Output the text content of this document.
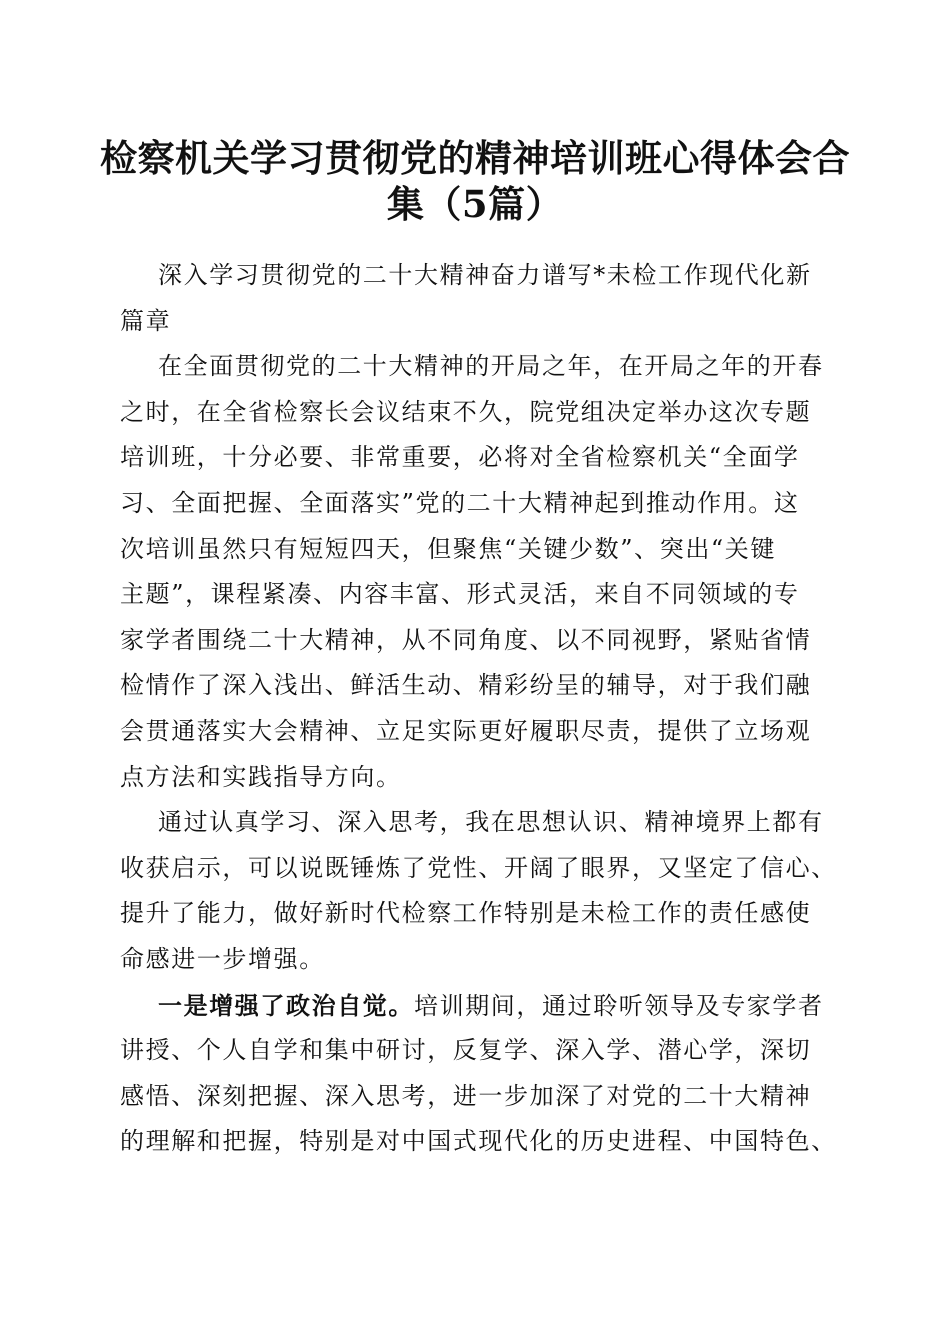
检察机关学习贯彻党的精神培训班心得体会合
集（5篇）
深入学习贯彻党的二十大精神奋力谱写*未检工作现代化新
篇章
在全面贯彻党的二十大精神的开局之年，在开局之年的开春
之时，在全省检察长会议结束不久，院党组决定举办这次专题
培训班，十分必要、非常重要，必将对全省检察机关“全面学
习、全面把握、全面落实”党的二十大精神起到推动作用。这
次培训虽然只有短短四天，但聚焦“关键少数”、突出“关键
主题”，课程紧凑、内容丰富、形式灵活，来自不同领域的专
家学者围绕二十大精神，从不同角度、以不同视野，紧贴省情
检情作了深入浅出、鲜活生动、精彩纷呈的辅导，对于我们融
会贯通落实大会精神、立足实际更好履职尽责，提供了立场观
点方法和实践指导方向。
通过认真学习、深入思考，我在思想认识、精神境界上都有
收获启示，可以说既锤炼了党性、开阔了眼界，又坚定了信心、
提升了能力，做好新时代检察工作特别是未检工作的责任感使
命感进一步增强。
一是增强了政治自觉。培训期间，通过聆听领导及专家学者
讲授、个人自学和集中研讨，反复学、深入学、潜心学，深切
感悟、深刻把握、深入思考，进一步加深了对党的二十大精神
的理解和把握，特别是对中国式现代化的历史进程、中国特色、
